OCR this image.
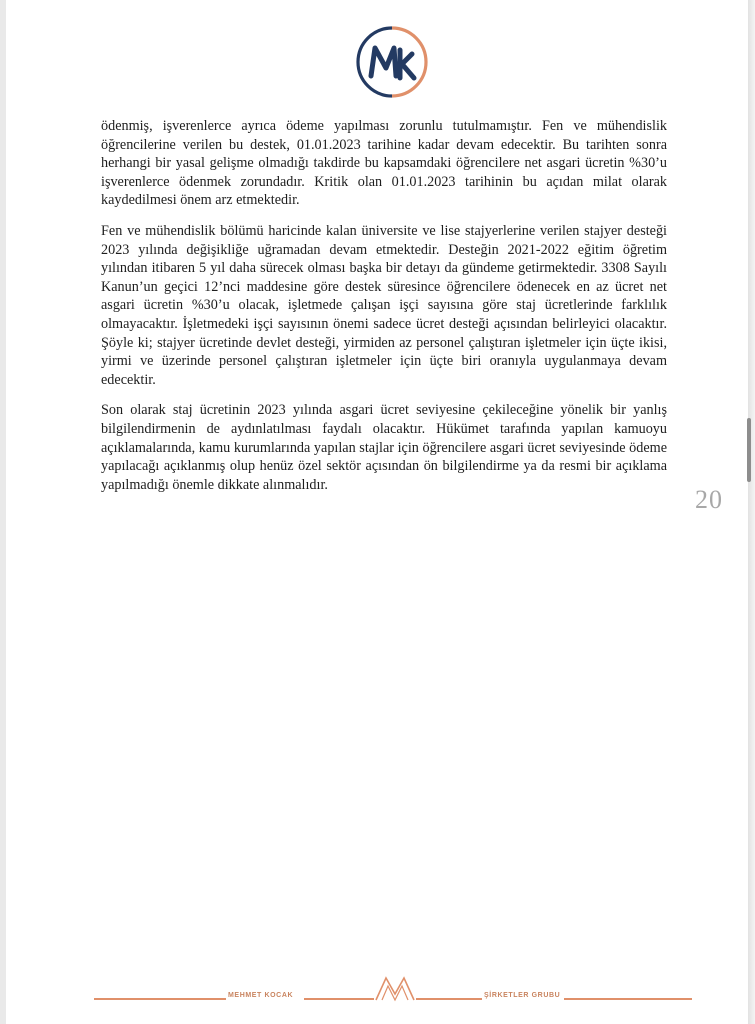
ödenmiş, işverenlerce ayrıca ödeme yapılması zorunlu tutulmamıştır. Fen ve mühendislik öğrencilerine verilen bu destek, 01.01.2023 tarihine kadar devam edecektir. Bu tarihten sonra herhangi bir yasal gelişme olmadığı takdirde bu kapsamdaki öğrencilere net asgari ücretin %30’u işverenlerce ödenmek zorundadır. Kritik olan 01.01.2023 tarihinin bu açıdan milat olarak kaydedilmesi önem arz etmektedir.

Fen ve mühendislik bölümü haricinde kalan üniversite ve lise stajyerlerine verilen stajyer desteği 2023 yılında değişikliğe uğramadan devam etmektedir. Desteğin 2021-2022 eğitim öğretim yılından itibaren 5 yıl daha sürecek olması başka bir detayı da gündeme getirmektedir. 3308 Sayılı Kanun’un geçici 12’nci maddesine göre destek süresince öğrencilere ödenecek en az ücret net asgari ücretin %30’u olacak, işletmede çalışan işçi sayısına göre staj ücretlerinde farklılık olmayacaktır. İşletmedeki işçi sayısının önemi sadece ücret desteği açısından belirleyici olacaktır. Şöyle ki; stajyer ücretinde devlet desteği, yirmiden az personel çalıştıran işletmeler için üçte ikisi, yirmi ve üzerinde personel çalıştıran işletmeler için üçte biri oranıyla uygulanmaya devam edecektir.

Son olarak staj ücretinin 2023 yılında asgari ücret seviyesine çekileceğine yönelik bir yanlış bilgilendirmenin de aydınlatılması faydalı olacaktır. Hükümet tarafında yapılan kamuoyu açıklamalarında, kamu kurumlarında yapılan stajlar için öğrencilere asgari ücret seviyesinde ödeme yapılacağı açıklanmış olup henüz özel sektör açısından ön bilgilendirme ya da resmi bir açıklama yapılmadığı önemle dikkate alınmalıdır.

20
MEHMET KOCAK	ŞİRKETLER GRUBU
